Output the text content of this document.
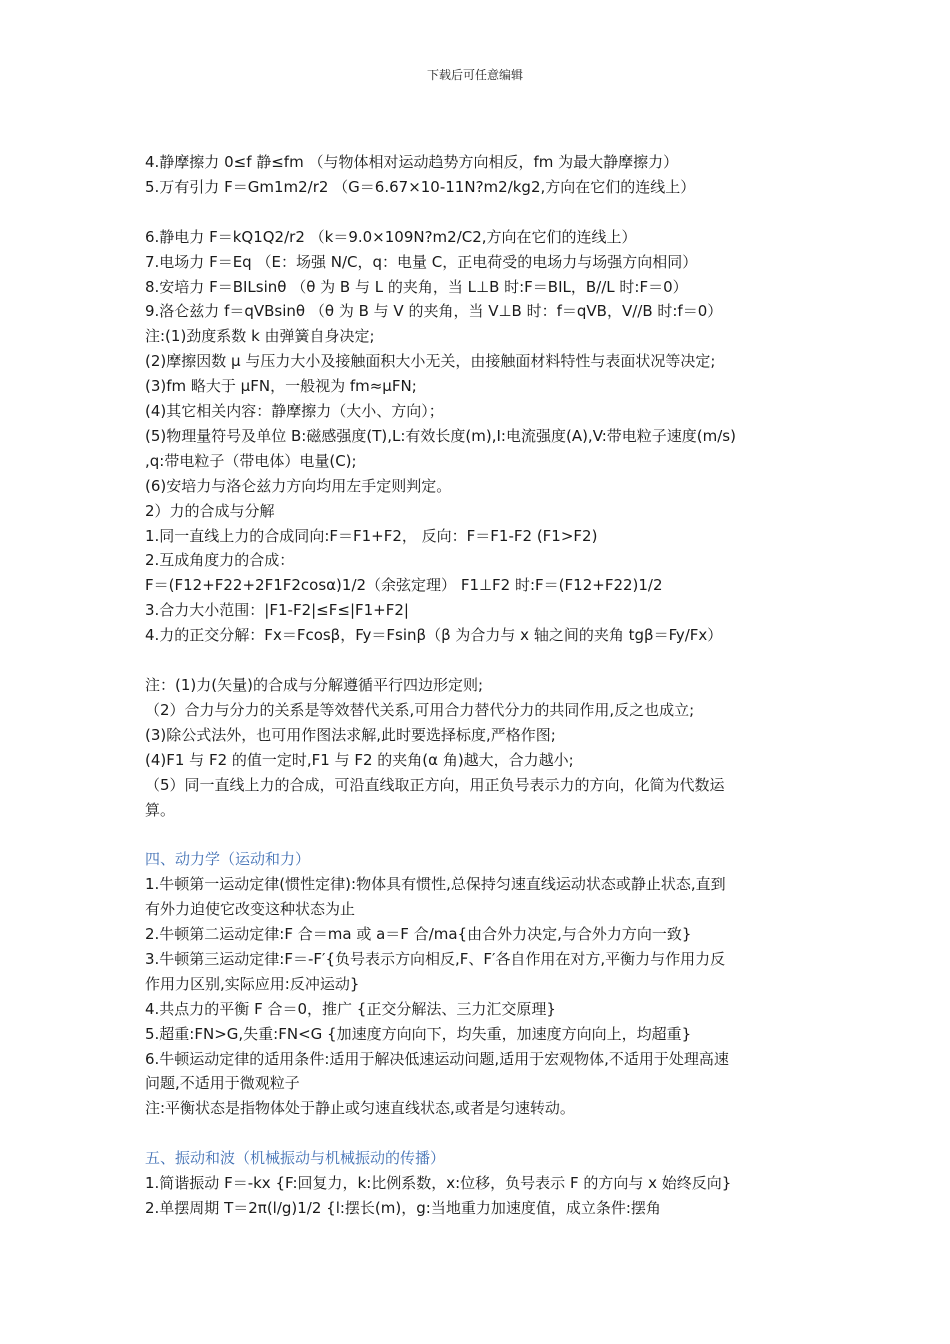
下载后可任意编辑
4.静摩擦力 0≤f 静≤fm （与物体相对运动趋势方向相反，fm 为最大静摩擦力）
5.万有引力 F＝Gm1m2/r2 （G＝6.67×10-11N?m2/kg2,方向在它们的连线上）
6.静电力 F＝kQ1Q2/r2 （k＝9.0×109N?m2/C2,方向在它们的连线上）
7.电场力 F＝Eq （E：场强 N/C，q：电量 C，正电荷受的电场力与场强方向相同）
8.安培力 F＝BILsinθ （θ 为 B 与 L 的夹角，当 L⊥B 时:F＝BIL，B//L 时:F＝0）
9.洛仑兹力 f＝qVBsinθ （θ 为 B 与 V 的夹角，当 V⊥B 时：f＝qVB，V//B 时:f＝0）
注:(1)劲度系数 k 由弹簧自身决定;
(2)摩擦因数 μ 与压力大小及接触面积大小无关，由接触面材料特性与表面状况等决定;
(3)fm 略大于 μFN，一般视为 fm≈μFN;
(4)其它相关内容：静摩擦力（大小、方向）；
(5)物理量符号及单位 B:磁感强度(T),L:有效长度(m),I:电流强度(A),V:带电粒子速度(m/s)
,q:带电粒子（带电体）电量(C);
(6)安培力与洛仑兹力方向均用左手定则判定。
2）力的合成与分解
1.同一直线上力的合成同向:F＝F1+F2， 反向：F＝F1-F2 (F1>F2)
2.互成角度力的合成：
F＝(F12+F22+2F1F2cosα)1/2（余弦定理） F1⊥F2 时:F＝(F12+F22)1/2
3.合力大小范围：|F1-F2|≤F≤|F1+F2|
4.力的正交分解：Fx＝Fcosβ，Fy＝Fsinβ（β 为合力与 x 轴之间的夹角 tgβ＝Fy/Fx）
注：(1)力(矢量)的合成与分解遵循平行四边形定则;
（2）合力与分力的关系是等效替代关系,可用合力替代分力的共同作用,反之也成立;
(3)除公式法外，也可用作图法求解,此时要选择标度,严格作图;
(4)F1 与 F2 的值一定时,F1 与 F2 的夹角(α 角)越大，合力越小;
（5）同一直线上力的合成，可沿直线取正方向，用正负号表示力的方向，化简为代数运
算。
四、动力学（运动和力）
1.牛顿第一运动定律(惯性定律):物体具有惯性,总保持匀速直线运动状态或静止状态,直到
有外力迫使它改变这种状态为止
2.牛顿第二运动定律:F 合＝ma 或 a＝F 合/ma{由合外力决定,与合外力方向一致}
3.牛顿第三运动定律:F＝-F′{负号表示方向相反,F、F′各自作用在对方,平衡力与作用力反
作用力区别,实际应用:反冲运动}
4.共点力的平衡 F 合＝0，推广 {正交分解法、三力汇交原理}
5.超重:FN>G,失重:FN<G {加速度方向向下，均失重，加速度方向向上，均超重}
6.牛顿运动定律的适用条件:适用于解决低速运动问题,适用于宏观物体,不适用于处理高速
问题,不适用于微观粒子
注:平衡状态是指物体处于静止或匀速直线状态,或者是匀速转动。
五、振动和波（机械振动与机械振动的传播）
1.简谐振动 F＝-kx {F:回复力，k:比例系数，x:位移，负号表示 F 的方向与 x 始终反向}
2.单摆周期 T＝2π(l/g)1/2 {l:摆长(m)，g:当地重力加速度值，成立条件:摆角
